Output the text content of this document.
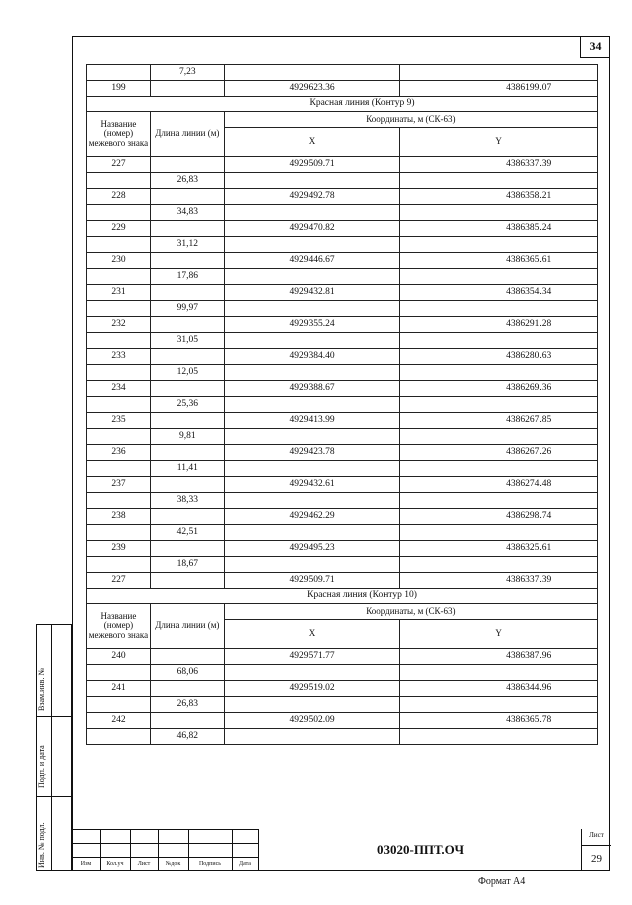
34
	7,23		
199		4929623.36	4386199.07
Красная линия (Контур 9)			
Название (номер) межевого знака	Длина линии (м)	Координаты, м (СК-63)	
		X	Y
227		4929509.71	4386337.39
	26,83		
228		4929492.78	4386358.21
	34,83		
229		4929470.82	4386385.24
	31,12		
230		4929446.67	4386365.61
	17,86		
231		4929432.81	4386354.34
	99,97		
232		4929355.24	4386291.28
	31,05		
233		4929384.40	4386280.63
	12,05		
234		4929388.67	4386269.36
	25,36		
235		4929413.99	4386267.85
	9,81		
236		4929423.78	4386267.26
	11,41		
237		4929432.61	4386274.48
	38,33		
238		4929462.29	4386298.74
	42,51		
239		4929495.23	4386325.61
	18,67		
227		4929509.71	4386337.39
Красная линия (Контур 10)			
Название (номер) межевого знака	Длина линии (м)	Координаты, м (СК-63)	
		X	Y
240		4929571.77	4386387.96
	68,06		
241		4929519.02	4386344.96
	26,83		
242		4929502.09	4386365.78
	46,82		
Взам.инв. №
Подп. и дата
Инв. № подл.	Изм	Кол.уч	Лист	№док	Подпись	Дата
03020-ППТ.ОЧ
Лист
29
Формат А4
